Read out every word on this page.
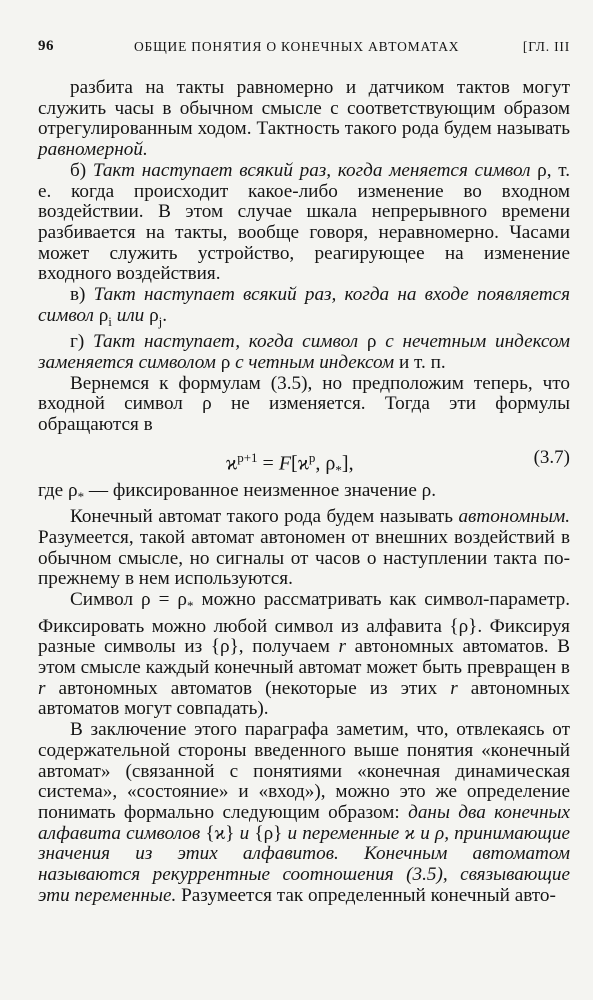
96	ОБЩИЕ ПОНЯТИЯ О КОНЕЧНЫХ АВТОМАТАХ	[ГЛ. III

разбита на такты равномерно и датчиком тактов могут служить часы в обычном смысле с соответствующим образом отрегулированным ходом. Тактность такого рода будем называть равномерной.

б) Такт наступает всякий раз, когда меняется символ ρ, т. е. когда происходит какое-либо изменение во входном воздействии. В этом случае шкала непрерывного времени разбивается на такты, вообще говоря, неравномерно. Часами может служить устройство, реагирующее на изменение входного воздействия.

в) Такт наступает всякий раз, когда на входе появляется символ $\rho_i$ или $\rho_j$.

г) Такт наступает, когда символ ρ с нечетным индексом заменяется символом ρ с четным индексом и т. п.

Вернемся к формулам (3.5), но предположим теперь, что входной символ ρ не изменяется. Тогда эти формулы обращаются в

$ϰ^{p+1} = F[ϰ^p$, $\rho_*$],	(3.7)

где $\rho_*$ — фиксированное неизменное значение ρ.

Конечный автомат такого рода будем называть автономным. Разумеется, такой автомат автономен от внешних воздействий в обычном смысле, но сигналы от часов о наступлении такта по-прежнему в нем используются.

Символ $\rho = \rho_*$ можно рассматривать как символ-параметр. Фиксировать можно любой символ из алфавита {ρ}. Фиксируя разные символы из {ρ}, получаем r автономных автоматов. В этом смысле каждый конечный автомат может быть превращен в r автономных автоматов (некоторые из этих r автономных автоматов могут совпадать).

В заключение этого параграфа заметим, что, отвлекаясь от содержательной стороны введенного выше понятия «конечный автомат» (связанной с понятиями «конечная динамическая система», «состояние» и «вход»), можно это же определение понимать формально следующим образом: даны два конечных алфавита символов {ϰ} и {ρ} и переменные ϰ и ρ, принимающие значения из этих алфавитов. Конечным автоматом называются рекуррентные соотношения (3.5), связывающие эти переменные. Разумеется так определенный конечный авто-
